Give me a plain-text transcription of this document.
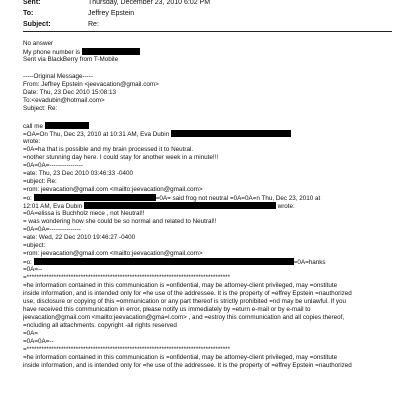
Sent:	Thursday, December 23, 2010 6:02 PM
To:	Jeffrey Epstein
Subject:	Re:
No answer
My phone number is
Sent via BlackBerry from T-Mobile
-----Original Message-----
From: Jeffrey Epstein <jeevacation@gmail.com>
Date: Thu, 23 Dec 2010 15:08:13
To:<evadubin@hotmail.com>
Subject: Re:
call me
=OA=On Thu, Dec 23, 2010 at 10:31 AM, Eva Dubin
wrote:
=0A=ha that is possible and my brain processed it to Neutral.
=nother stunning day here. I could stay for another week in a minute!!!
=0A=0A=----------------
=ate: Thu, 23 Dec 2010 03:46:33 -0400
=ubject: Re:
=rom: jeevacation@gmail.com <mailto:jeevacation@gmail.com>
=o:	=0A= said frog not neutral =0A=0A=n Thu, Dec 23, 2010 at
12:01 AM, Eva Dubin	wrote:
=0A=elissa is Buchholz niece , not Neutral!!
= was wondering how she could be so normal and related to Neutral!!
=0A=0A=---------------
=ate: Wed, 22 Dec 2010 19:46:27 -0400
=ubject:
=rom: jeevacation@gmail.com <mailto:jeevacation@gmail.com>
=o:	=0A=hanks
=0A=--
=***********************************************************************************
=he information contained in this communication is =onfidential, may be attorney-client privileged, may =onstitute
inside information, and is intended only for =he use of the addressee. It is the property of =effrey Epstein =nauthorized
use, disclosure or copying of this =ommunication or any part thereof is strictly prohibited =nd may be unlawful. If you
have received this communication in error, please notify us immediately by =eturn e-mail or by e-mail to
jeevacation@gmail.com <mailto:jeevacation@gma=l.com> , and =estroy this communication and all copies thereof,
=ncluding all attachments. copyright -all rights reserved
=0A=
=0A=0A=--
=***********************************************************************************
=he information contained in this communication is =onfidential, may be attorney-client privileged, may =onstitute
inside information, and is intended only for =he use of the addressee. It is the property of =effrey Epstein =nauthorized
